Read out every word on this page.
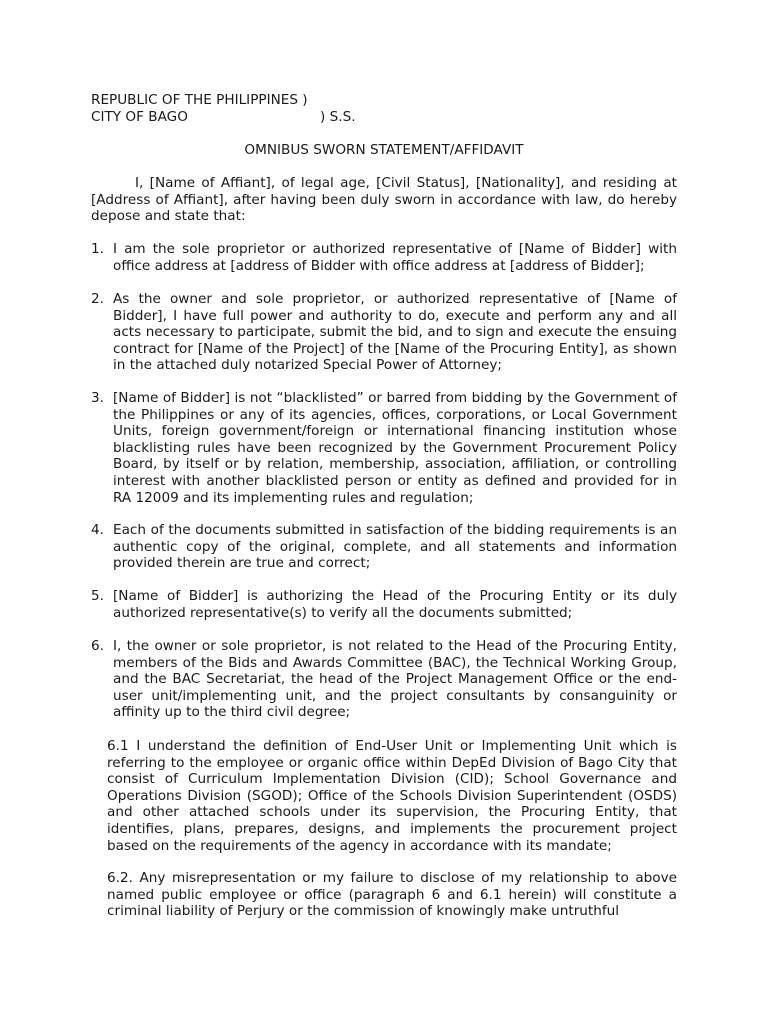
REPUBLIC OF THE PHILIPPINES )
CITY OF BAGO	) S.S.
OMNIBUS SWORN STATEMENT/AFFIDAVIT
I, [Name of Affiant], of legal age, [Civil Status], [Nationality], and residing at [Address of Affiant], after having been duly sworn in accordance with law, do hereby depose and state that:
1. I am the sole proprietor or authorized representative of [Name of Bidder] with office address at [address of Bidder with office address at [address of Bidder];
2. As the owner and sole proprietor, or authorized representative of [Name of Bidder], I have full power and authority to do, execute and perform any and all acts necessary to participate, submit the bid, and to sign and execute the ensuing contract for [Name of the Project] of the [Name of the Procuring Entity], as shown in the attached duly notarized Special Power of Attorney;
3. [Name of Bidder] is not “blacklisted” or barred from bidding by the Government of the Philippines or any of its agencies, offices, corporations, or Local Government Units, foreign government/foreign or international financing institution whose blacklisting rules have been recognized by the Government Procurement Policy Board, by itself or by relation, membership, association, affiliation, or controlling interest with another blacklisted person or entity as defined and provided for in RA 12009 and its implementing rules and regulation;
4. Each of the documents submitted in satisfaction of the bidding requirements is an authentic copy of the original, complete, and all statements and information provided therein are true and correct;
5. [Name of Bidder] is authorizing the Head of the Procuring Entity or its duly authorized representative(s) to verify all the documents submitted;
6. I, the owner or sole proprietor, is not related to the Head of the Procuring Entity, members of the Bids and Awards Committee (BAC), the Technical Working Group, and the BAC Secretariat, the head of the Project Management Office or the end-user unit/implementing unit, and the project consultants by consanguinity or affinity up to the third civil degree;
6.1 I understand the definition of End-User Unit or Implementing Unit which is referring to the employee or organic office within DepEd Division of Bago City that consist of Curriculum Implementation Division (CID); School Governance and Operations Division (SGOD); Office of the Schools Division Superintendent (OSDS) and other attached schools under its supervision, the Procuring Entity, that identifies, plans, prepares, designs, and implements the procurement project based on the requirements of the agency in accordance with its mandate;
6.2. Any misrepresentation or my failure to disclose of my relationship to above named public employee or office (paragraph 6 and 6.1 herein) will constitute a criminal liability of Perjury or the commission of knowingly make untruthful
